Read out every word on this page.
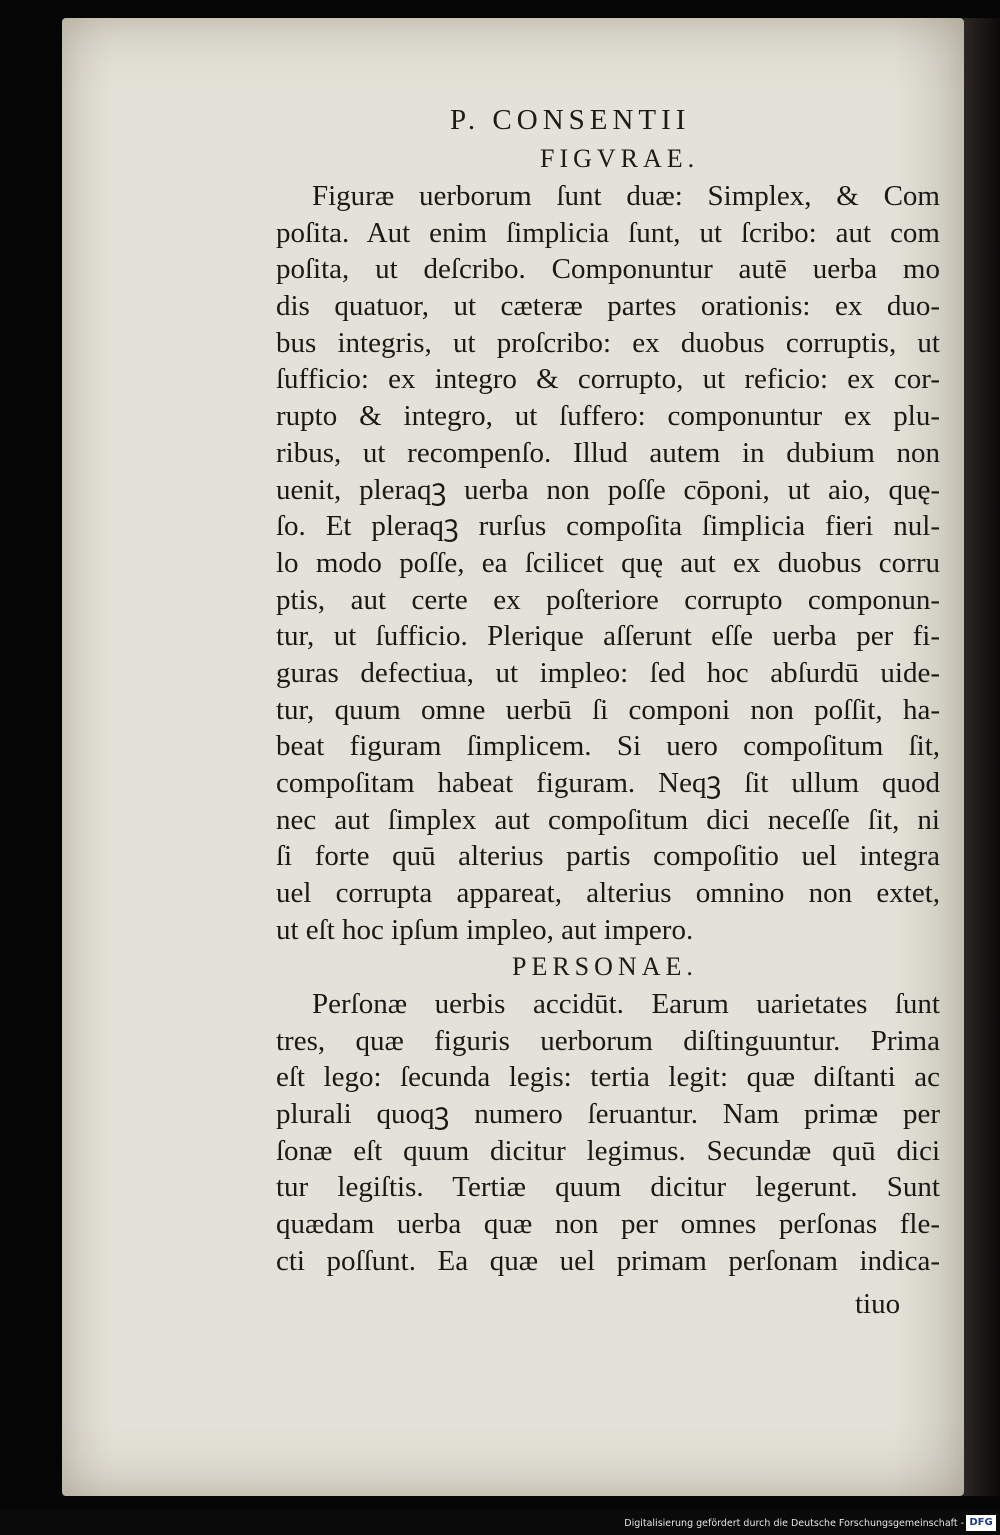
P. CONSENTII
FIGVRAE.
Figuræ uerborum ſunt duæ: Simplex, & Com
poſita. Aut enim ſimplicia ſunt, ut ſcribo: aut com
poſita, ut deſcribo. Componuntur autē uerba mo
dis quatuor, ut cæteræ partes orationis: ex duo-
bus integris, ut proſcribo: ex duobus corruptis, ut
ſufficio: ex integro & corrupto, ut reficio: ex cor-
rupto & integro, ut ſuffero: componuntur ex plu-
ribus, ut recompenſo. Illud autem in dubium non
uenit, pleraqꝫ uerba non poſſe cōponi, ut aio, quę-
ſo. Et pleraqꝫ rurſus compoſita ſimplicia fieri nul-
lo modo poſſe, ea ſcilicet quę aut ex duobus corru
ptis, aut certe ex poſteriore corrupto componun-
tur, ut ſufficio. Plerique aſſerunt eſſe uerba per fi-
guras defectiua, ut impleo: ſed hoc abſurdū uide-
tur, quum omne uerbū ſi componi non poſſit, ha-
beat figuram ſimplicem. Si uero compoſitum ſit,
compoſitam habeat figuram. Neqꝫ ſit ullum quod
nec aut ſimplex aut compoſitum dici neceſſe ſit, ni
ſi forte quū alterius partis compoſitio uel integra
uel corrupta appareat, alterius omnino non extet,
ut eſt hoc ipſum impleo, aut impero.
PERSONAE.
Perſonæ uerbis accidūt. Earum uarietates ſunt
tres, quæ figuris uerborum diſtinguuntur. Prima
eſt lego: ſecunda legis: tertia legit: quæ diſtanti ac
plurali quoqꝫ numero ſeruantur. Nam primæ per
ſonæ eſt quum dicitur legimus. Secundæ quū dici
tur legiſtis. Tertiæ quum dicitur legerunt. Sunt
quædam uerba quæ non per omnes perſonas fle-
cti poſſunt. Ea quæ uel primam perſonam indica-
tiuo
Digitalisierung gefördert durch die Deutsche Forschungsgemeinschaft - DFG
